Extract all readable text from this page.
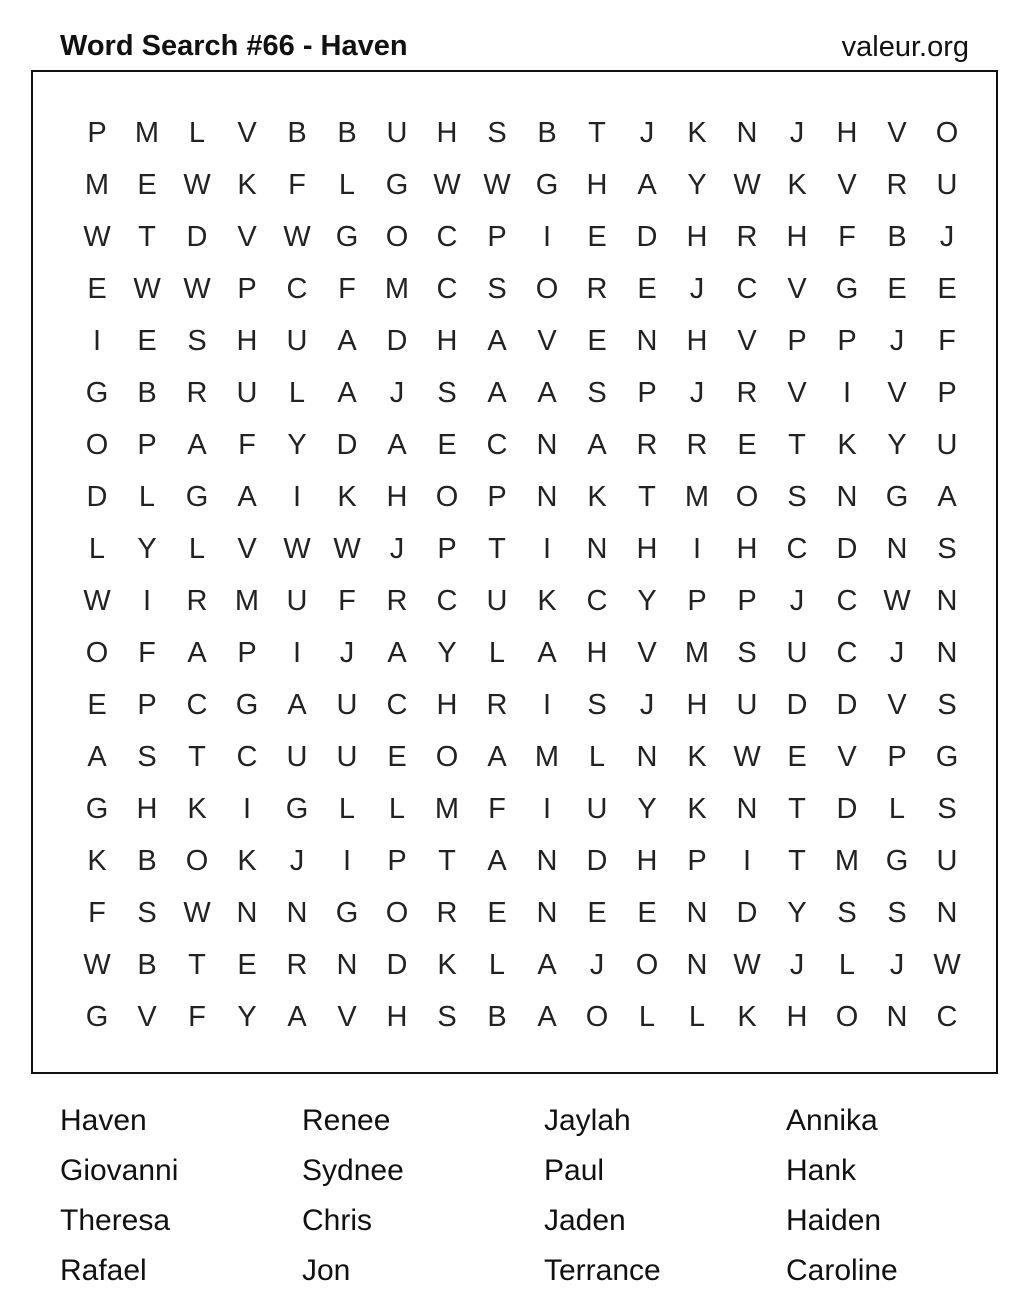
Word Search #66 - Haven	valeur.org
P M	L	V	B	B	U	H	S	B	T	J	K	N	J	H	V	O
M E W K	F	L	G W W G H	A	Y W K	V	R	U
W T	D	V W G O C	P	I	E	D	H	R	H	F	B	J
E W W P	C	F	M C	S	O R	E	J	C	V	G	E	E
I	E	S	H	U	A	D	H	A	V	E	N	H	V	P	P	J	F
G	B	R	U	L	A	J	S	A	A	S	P	J	R	V	I	V	P
O	P	A	F	Y	D	A	E	C	N	A	R	R	E	T	K	Y	U
D	L	G	A	I	K	H O	P	N	K	T	M O	S	N G	A
L	Y	L	V W W	J	P	T	I	N	H	I	H	C	D	N	S
W	I	R M U	F	R	C	U	K	C	Y	P	P	J	C W N
O	F	A	P	I	J	A	Y	L	A	H	V M S	U	C	J	N
E	P	C G	A	U	C	H	R	I	S	J	H	U	D	D	V	S
A	S	T	C	U	U	E	O	A M	L	N	K W E	V	P	G
G H	K	I	G	L	L	M	F	I	U	Y	K	N	T	D	L	S
K	B	O	K	J	I	P	T	A	N	D	H	P	I	T	M G U
F	S W N	N G O R	E	N	E	E	N	D	Y	S	S	N
W B	T	E	R	N	D	K	L	A	J	O N W	J	L	J	W
G	V	F	Y	A	V	H	S	B	A	O	L	L	K	H O N	C
Haven	Renee	Jaylah	Annika
Giovanni	Sydnee	Paul	Hank
Theresa	Chris	Jaden	Haiden
Rafael	Jon	Terrance	Caroline
